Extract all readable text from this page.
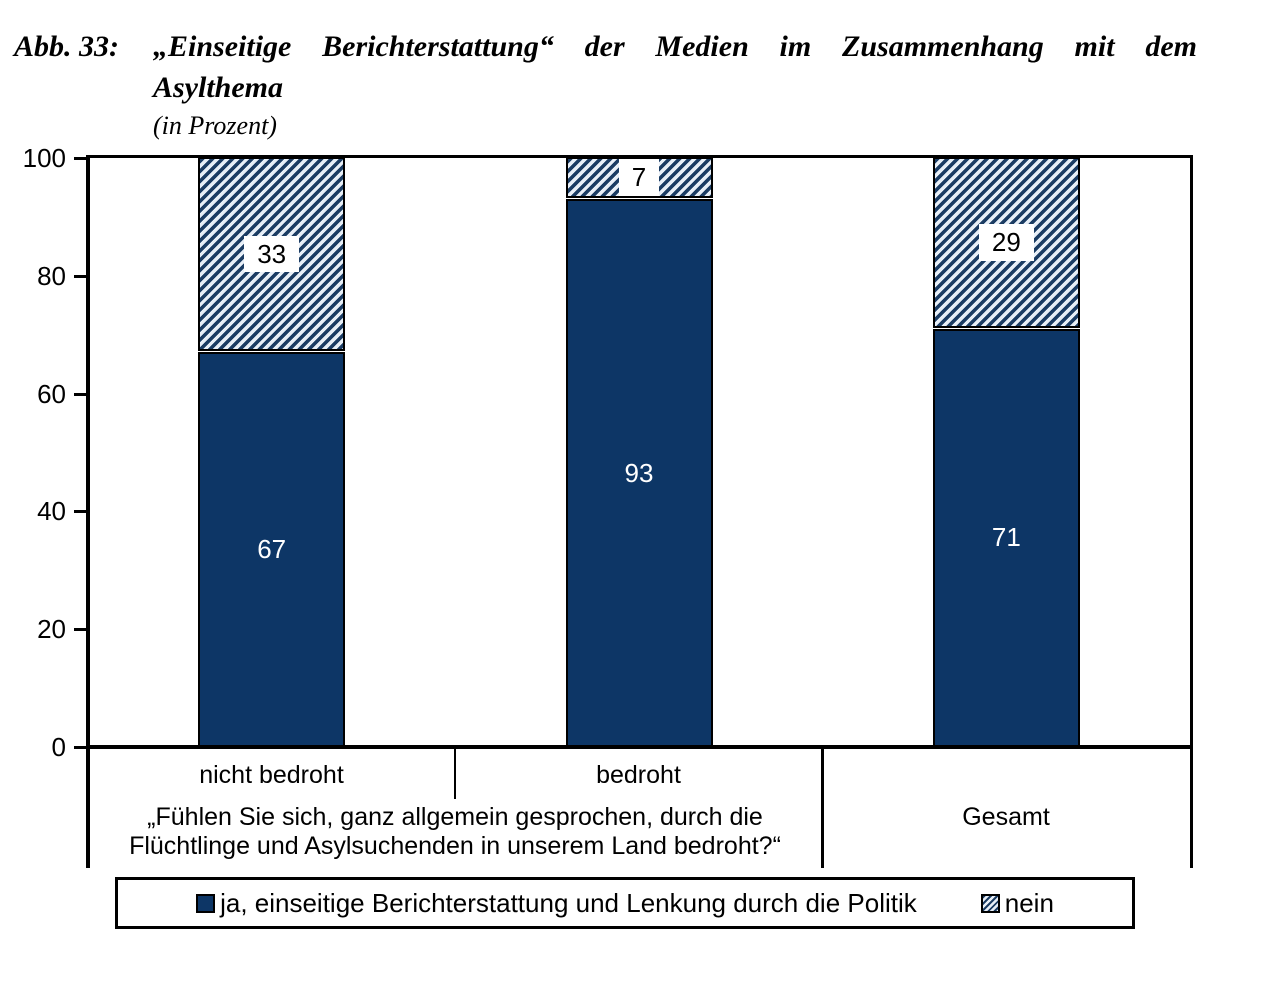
Abb. 33: „Einseitige Berichterstattung“ der Medien im Zusammenhang mit dem
Asylthema
(in Prozent)
0
20
40
60
80
100
67
33
93
7
71
29
nicht bedroht	bedroht
„Fühlen Sie sich, ganz allgemein gesprochen, durch die
Flüchtlinge und Asylsuchenden in unserem Land bedroht?“
Gesamt
ja, einseitige Berichterstattung und Lenkung durch die Politik	nein
